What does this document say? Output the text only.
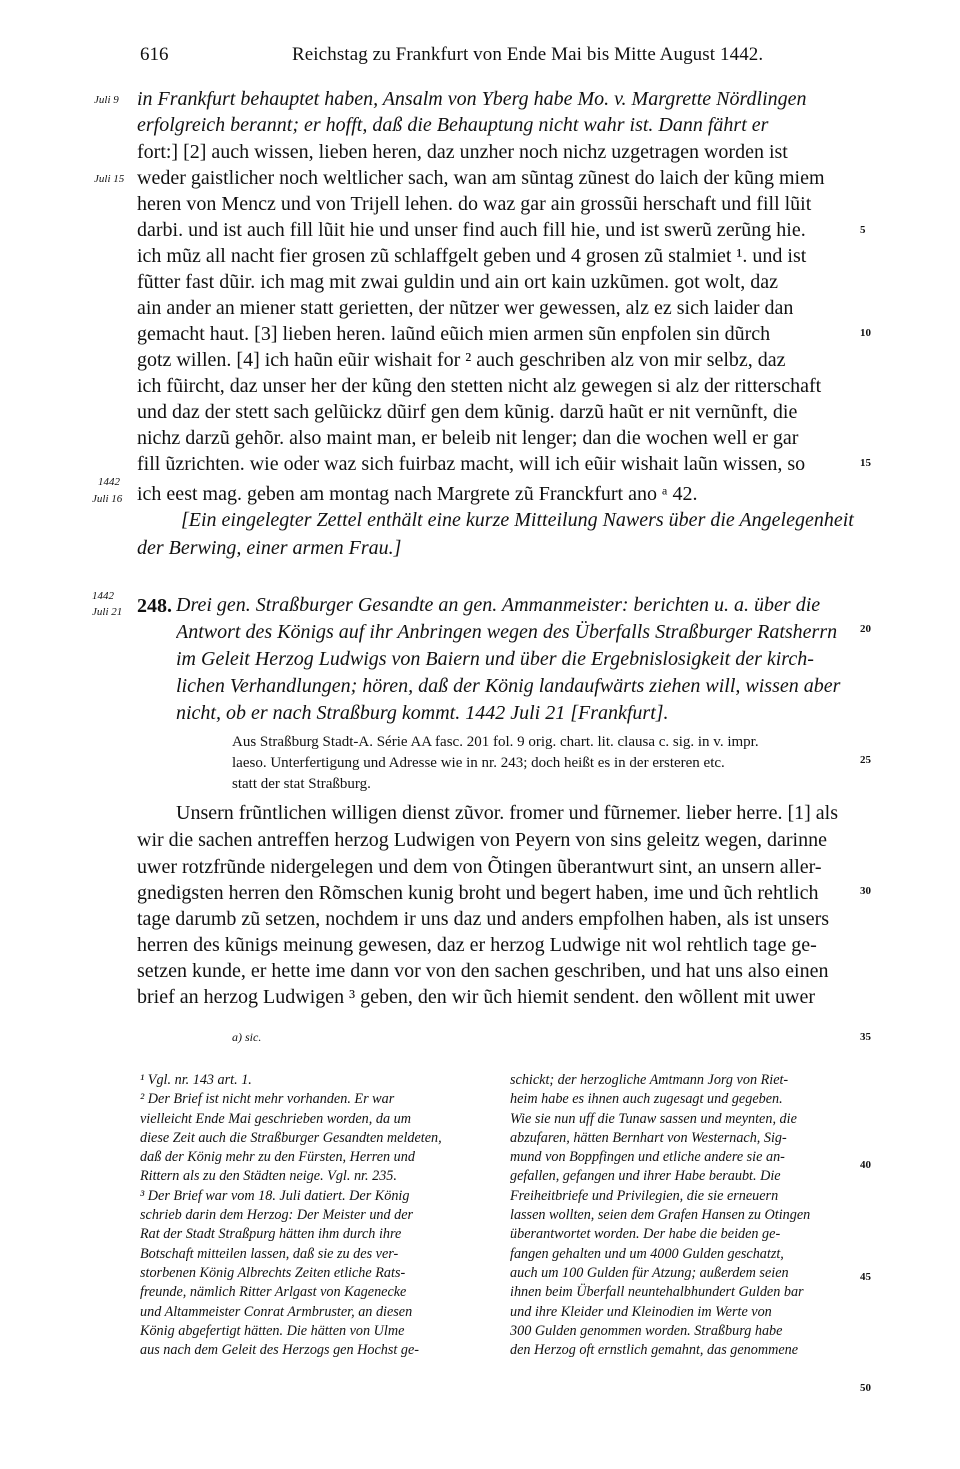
616	Reichstag zu Frankfurt von Ende Mai bis Mitte August 1442.
Juli 9
Juli 15
1442
Juli 16
1442
Juli 21
5
10
15
20
25
30
35
40
45
50
in Frankfurt behauptet haben, Ansalm von Yberg habe Mo. v. Margrette Nördlingen
erfolgreich berannt; er hofft, daß die Behauptung nicht wahr ist. Dann fährt er
fort:] [2] auch wissen, lieben heren, daz unzher noch nichz uzgetragen worden ist
weder gaistlicher noch weltlicher sach, wan am sũntag zũnest do laich der kũng miem
heren von Mencz und von Trijell lehen. do waz gar ain grossũi herschaft und fill lũit
darbi. und ist auch fill lũit hie und unser find auch fill hie, und ist swerũ zerũng hie.
ich mũz all nacht fier grosen zũ schlaffgelt geben und 4 grosen zũ stalmiet ¹. und ist
fũtter fast dũir. ich mag mit zwai guldin und ain ort kain uzkũmen. got wolt, daz
ain ander an miener statt gerietten, der nũtzer wer gewessen, alz ez sich laider dan
gemacht haut. [3] lieben heren. laũnd eũich mien armen sũn enpfolen sin dũrch
gotz willen. [4] ich haũn eũir wishait for ² auch geschriben alz von mir selbz, daz
ich fũircht, daz unser her der kũng den stetten nicht alz gewegen si alz der ritterschaft
und daz der stett sach gelũickz dũirf gen dem kũnig. darzũ haũt er nit vernũnft, die
nichz darzũ gehõr. also maint man, er beleib nit lenger; dan die wochen well er gar
fill ũzrichten. wie oder waz sich fuirbaz macht, will ich eũir wishait laũn wissen, so
ich eest mag. geben am montag nach Margrete zũ Franckfurt ano ᵃ 42.
[Ein eingelegter Zettel enthält eine kurze Mitteilung Nawers über die Angelegenheit
der Berwing, einer armen Frau.]
248. Drei gen. Straßburger Gesandte an gen. Ammanmeister: berichten u. a. über die
Antwort des Königs auf ihr Anbringen wegen des Überfalls Straßburger Ratsherrn
im Geleit Herzog Ludwigs von Baiern und über die Ergebnislosigkeit der kirch-
lichen Verhandlungen; hören, daß der König landaufwärts ziehen will, wissen aber
nicht, ob er nach Straßburg kommt. 1442 Juli 21 [Frankfurt].
Aus Straßburg Stadt-A. Série AA fasc. 201 fol. 9 orig. chart. lit. clausa c. sig. in v. impr.
laeso. Unterfertigung und Adresse wie in nr. 243; doch heißt es in der ersteren etc.
statt der stat Straßburg.
Unsern frũntlichen willigen dienst zũvor. fromer und fũrnemer. lieber herre. [1] als
wir die sachen antreffen herzog Ludwigen von Peyern von sins geleitz wegen, darinne
uwer rotzfrũnde nidergelegen und dem von Õtingen ũberantwurt sint, an unsern aller-
gnedigsten herren den Rõmschen kunig broht und begert haben, ime und ũch rehtlich
tage darumb zũ setzen, nochdem ir uns daz und anders empfolhen haben, als ist unsers
herren des kũnigs meinung gewesen, daz er herzog Ludwige nit wol rehtlich tage ge-
setzen kunde, er hette ime dann vor von den sachen geschriben, und hat uns also einen
brief an herzog Ludwigen ³ geben, den wir ũch hiemit sendent. den wõllent mit uwer
a) sic.
¹ Vgl. nr. 143 art. 1.
² Der Brief ist nicht mehr vorhanden. Er war
vielleicht Ende Mai geschrieben worden, da um
diese Zeit auch die Straßburger Gesandten meldeten,
daß der König mehr zu den Fürsten, Herren und
Rittern als zu den Städten neige. Vgl. nr. 235.
³ Der Brief war vom 18. Juli datiert. Der König
schrieb darin dem Herzog: Der Meister und der
Rat der Stadt Straßpurg hätten ihm durch ihre
Botschaft mitteilen lassen, daß sie zu des ver-
storbenen König Albrechts Zeiten etliche Rats-
freunde, nämlich Ritter Arlgast von Kagenecke
und Altammeister Conrat Armbruster, an diesen
König abgefertigt hätten. Die hätten von Ulme
aus nach dem Geleit des Herzogs gen Hochst ge-
schickt; der herzogliche Amtmann Jorg von Riet-
heim habe es ihnen auch zugesagt und gegeben.
Wie sie nun uff die Tunaw sassen und meynten, die
abzufaren, hätten Bernhart von Westernach, Sig-
mund von Boppfingen und etliche andere sie an-
gefallen, gefangen und ihrer Habe beraubt. Die
Freiheitbriefe und Privilegien, die sie erneuern
lassen wollten, seien dem Grafen Hansen zu Otingen
überantwortet worden. Der habe die beiden ge-
fangen gehalten und um 4000 Gulden geschatzt,
auch um 100 Gulden für Atzung; außerdem seien
ihnen beim Überfall neuntehalbhundert Gulden bar
und ihre Kleider und Kleinodien im Werte von
300 Gulden genommen worden. Straßburg habe
den Herzog oft ernstlich gemahnt, das genommene
